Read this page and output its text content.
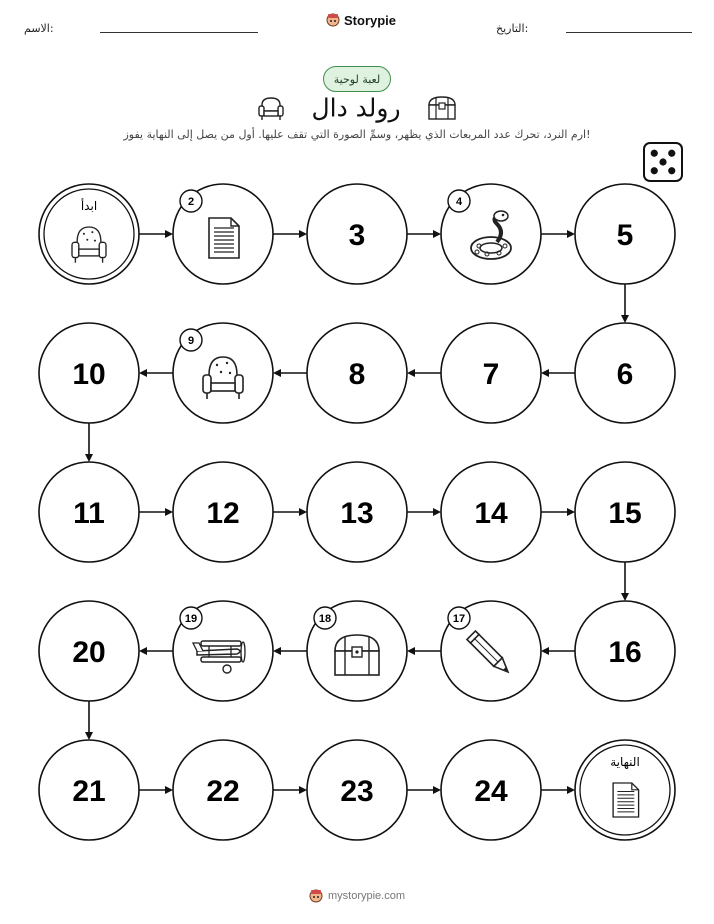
الاسم:	التاريخ:
Storypie
لعبة لوحية
رولد دال
ارم النرد، تحرك عدد المربعات الذي يظهر، وسمِّ الصورة التي تقف عليها. أول من يصل إلى النهاية يفوز!
ابدأ	2
3
4
5
6
7
8
9
10
11	12	13	14	15
16
17
18
19
20
21	22	23	24
النهاية
mystorypie.com
